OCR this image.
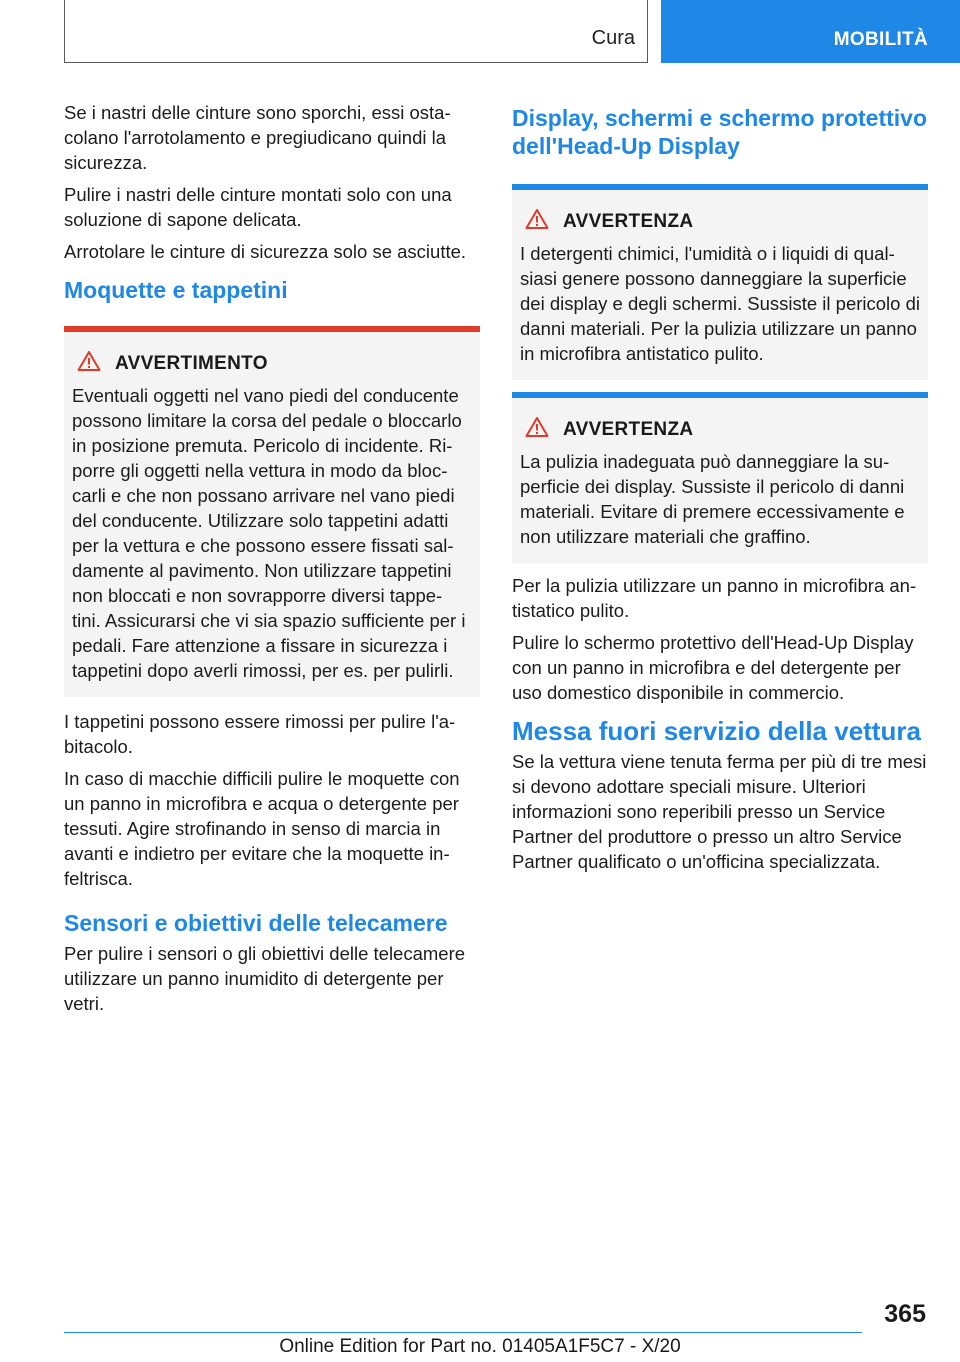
Cura	MOBILITÀ

Se i nastri delle cinture sono sporchi, essi osta‐ colano l'arrotolamento e pregiudicano quindi la sicurezza.

Pulire i nastri delle cinture montati solo con una soluzione di sapone delicata.

Arrotolare le cinture di sicurezza solo se asciutte.

Moquette e tappetini
AVVERTIMENTO

Eventuali oggetti nel vano piedi del conducente possono limitare la corsa del pedale o bloccarlo in posizione premuta. Pericolo di incidente. Ri‐ porre gli oggetti nella vettura in modo da bloc‐ carli e che non possano arrivare nel vano piedi del conducente. Utilizzare solo tappetini adatti per la vettura e che possono essere fissati sal‐ damente al pavimento. Non utilizzare tappetini non bloccati e non sovrapporre diversi tappe‐ tini. Assicurarsi che vi sia spazio sufficiente per i pedali. Fare attenzione a fissare in sicurezza i tappetini dopo averli rimossi, per es. per pulirli.

I tappetini possono essere rimossi per pulire l'a‐ bitacolo.

In caso di macchie difficili pulire le moquette con un panno in microfibra e acqua o detergente per tessuti. Agire strofinando in senso di marcia in avanti e indietro per evitare che la moquette in‐ feltrisca.

Sensori e obiettivi delle telecamere

Per pulire i sensori o gli obiettivi delle telecamere utilizzare un panno inumidito di detergente per vetri.

Display, schermi e schermo protettivo dell'Head-Up Display
AVVERTENZA

I detergenti chimici, l'umidità o i liquidi di qual‐ siasi genere possono danneggiare la superficie dei display e degli schermi. Sussiste il pericolo di danni materiali. Per la pulizia utilizzare un panno in microfibra antistatico pulito.

AVVERTENZA

La pulizia inadeguata può danneggiare la su‐ perficie dei display. Sussiste il pericolo di danni materiali. Evitare di premere eccessivamente e non utilizzare materiali che graffino.

Per la pulizia utilizzare un panno in microfibra an‐ tistatico pulito.

Pulire lo schermo protettivo dell'Head-Up Display con un panno in microfibra e del detergente per uso domestico disponibile in commercio.

Messa fuori servizio della vettura

Se la vettura viene tenuta ferma per più di tre mesi si devono adottare speciali misure. Ulteriori informazioni sono reperibili presso un Service Partner del produttore o presso un altro Service Partner qualificato o un'officina specializzata.

365
Online Edition for Part no. 01405A1F5C7 - X/20
